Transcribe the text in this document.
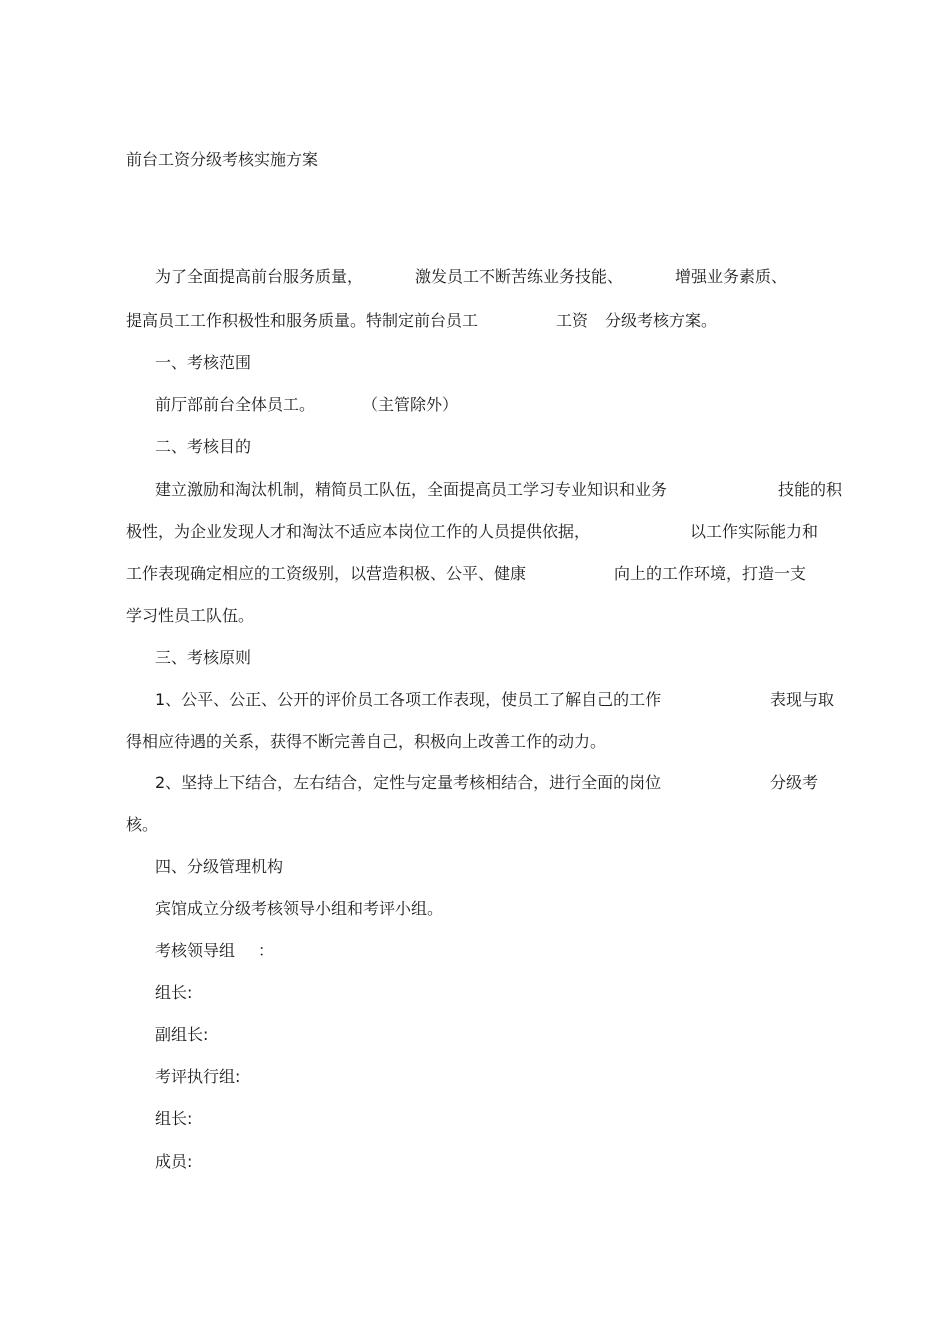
前台工资分级考核实施方案
为了全面提高前台服务质量，	激发员工不断苦练业务技能、	增强业务素质、
提高员工工作积极性和服务质量。特制定前台员工	工资 分级考核方案。
一、考核范围
前厅部前台全体员工。	（主管除外）
二、考核目的
建立激励和淘汰机制，精简员工队伍，全面提高员工学习专业知识和业务	技能的积
极性，为企业发现人才和淘汰不适应本岗位工作的人员提供依据，	以工作实际能力和
工作表现确定相应的工资级别，以营造积极、公平、健康	向上的工作环境，打造一支
学习性员工队伍。
三、考核原则
1、公平、公正、公开的评价员工各项工作表现，使员工了解自己的工作	表现与取
得相应待遇的关系，获得不断完善自己，积极向上改善工作的动力。
2、坚持上下结合，左右结合，定性与定量考核相结合，进行全面的岗位	分级考
核。
四、分级管理机构
宾馆成立分级考核领导小组和考评小组。
考核领导组 ：
组长:
副组长:
考评执行组:
组长:
成员:
